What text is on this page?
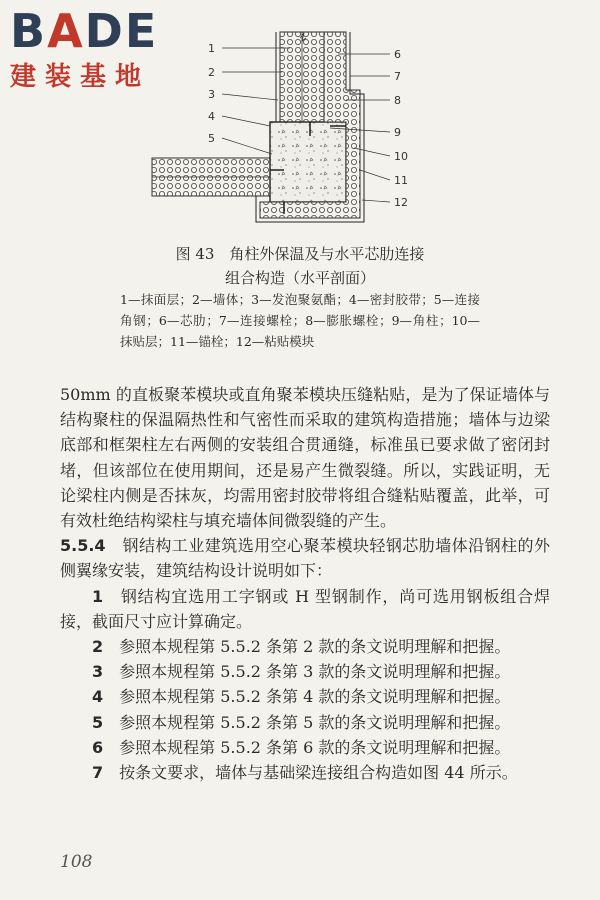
BADE
建装基地
1
2
3
4
5
6
7
8
9
10
11
12
图 43　角柱外保温及与水平芯肋连接
组合构造（水平剖面）
1—抹面层；2—墙体；3—发泡聚氨酯；4—密封胶带；5—连接角钢；6—芯肋；7—连接螺栓；8—膨胀螺栓；9—角柱；10—抹贴层；11—锚栓；12—粘贴模块

50mm 的直板聚苯模块或直角聚苯模块压缝粘贴，是为了保证墙体与结构聚柱的保温隔热性和气密性而采取的建筑构造措施；墙体与边梁底部和框架柱左右两侧的安装组合贯通缝，标准虽已要求做了密闭封堵，但该部位在使用期间，还是易产生微裂缝。所以，实践证明，无论梁柱内侧是否抹灰，均需用密封胶带将组合缝粘贴覆盖，此举，可有效杜绝结构梁柱与填充墙体间微裂缝的产生。

5.5.4　 钢结构工业建筑选用空心聚苯模块轻钢芯肋墙体沿钢柱的外侧翼缘安装，建筑结构设计说明如下：

1　 钢结构宜选用工字钢或 H 型钢制作，尚可选用钢板组合焊接，截面尺寸应计算确定。

2　 参照本规程第 5.5.2 条第 2 款的条文说明理解和把握。

3　 参照本规程第 5.5.2 条第 3 款的条文说明理解和把握。

4　 参照本规程第 5.5.2 条第 4 款的条文说明理解和把握。

5　 参照本规程第 5.5.2 条第 5 款的条文说明理解和把握。

6　 参照本规程第 5.5.2 条第 6 款的条文说明理解和把握。

7　 按条文要求，墙体与基础梁连接组合构造如图 44 所示。

108
